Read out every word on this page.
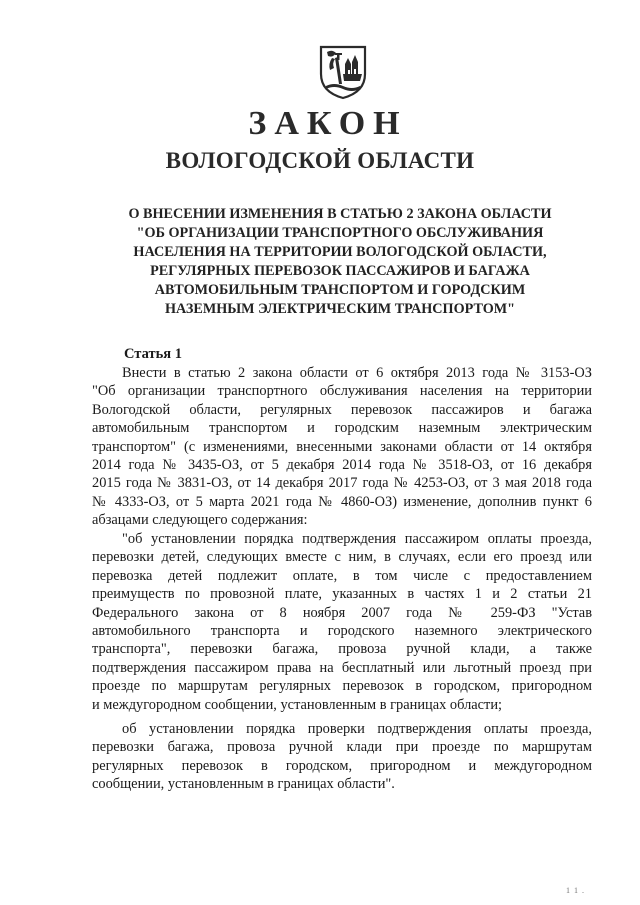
ЗАКОН
ВОЛОГОДСКОЙ ОБЛАСТИ
О ВНЕСЕНИИ ИЗМЕНЕНИЯ В СТАТЬЮ 2 ЗАКОНА ОБЛАСТИ
"ОБ ОРГАНИЗАЦИИ ТРАНСПОРТНОГО ОБСЛУЖИВАНИЯ
НАСЕЛЕНИЯ НА ТЕРРИТОРИИ ВОЛОГОДСКОЙ ОБЛАСТИ,
РЕГУЛЯРНЫХ ПЕРЕВОЗОК ПАССАЖИРОВ И БАГАЖА
АВТОМОБИЛЬНЫМ ТРАНСПОРТОМ И ГОРОДСКИМ
НАЗЕМНЫМ ЭЛЕКТРИЧЕСКИМ ТРАНСПОРТОМ"
Статья 1
Внести в статью 2 закона области от 6 октября 2013 года № 3153-ОЗ
"Об организации транспортного обслуживания населения на территории
Вологодской области, регулярных перевозок пассажиров и багажа
автомобильным транспортом и городским наземным электрическим
транспортом" (с изменениями, внесенными законами области от 14 октября
2014 года № 3435-ОЗ, от 5 декабря 2014 года № 3518-ОЗ, от 16 декабря
2015 года № 3831-ОЗ, от 14 декабря 2017 года № 4253-ОЗ, от 3 мая 2018 года
№ 4333-ОЗ, от 5 марта 2021 года № 4860-ОЗ) изменение, дополнив пункт 6
абзацами следующего содержания:
"об установлении порядка подтверждения пассажиром оплаты проезда,
перевозки детей, следующих вместе с ним, в случаях, если его проезд или
перевозка детей подлежит оплате, в том числе с предоставлением
преимуществ по провозной плате, указанных в частях 1 и 2 статьи 21
Федерального закона от 8 ноября 2007 года № 259-ФЗ "Устав
автомобильного транспорта и городского наземного электрического
транспорта", перевозки багажа, провоза ручной клади, а также
подтверждения пассажиром права на бесплатный или льготный проезд при
проезде по маршрутам регулярных перевозок в городском, пригородном
и междугородном сообщении, установленным в границах области;
об установлении порядка проверки подтверждения оплаты проезда,
перевозки багажа, провоза ручной клади при проезде по маршрутам
регулярных перевозок в городском, пригородном и междугородном
сообщении, установленным в границах области".
1 1 .
